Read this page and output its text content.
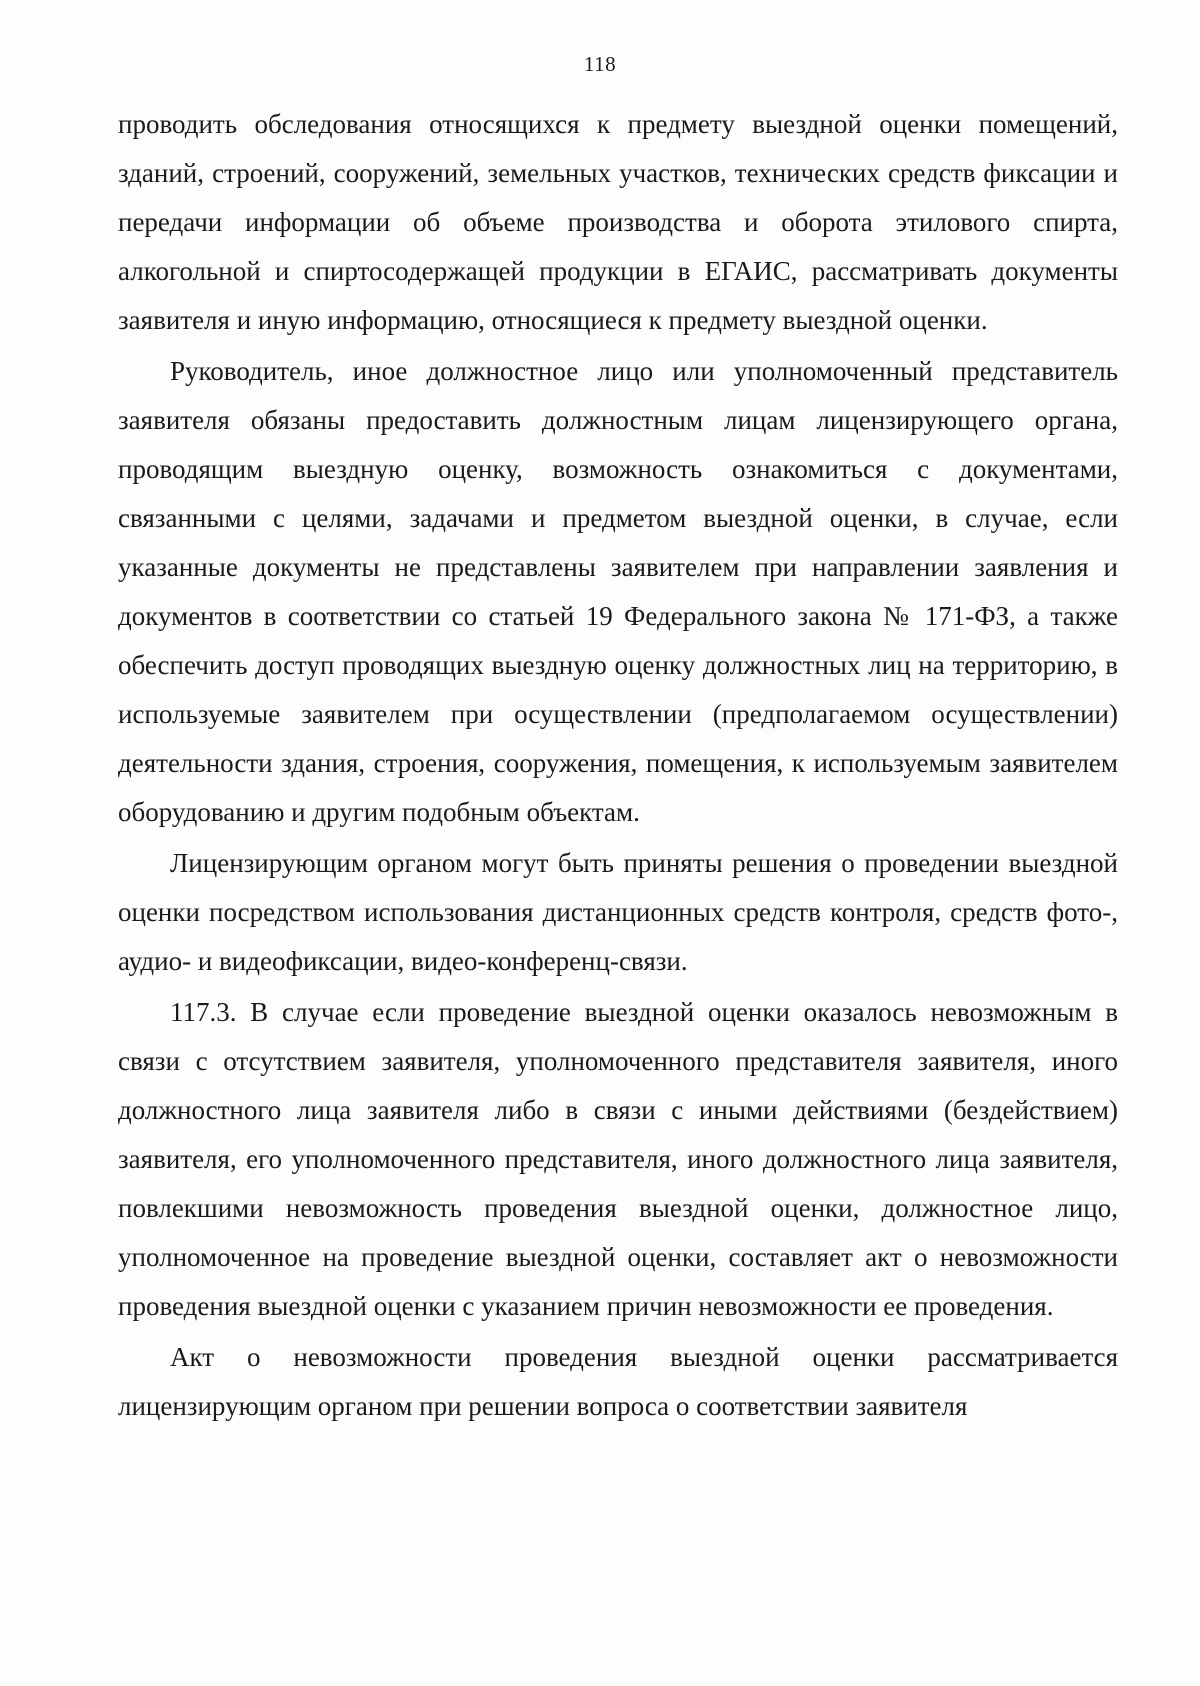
118

проводить обследования относящихся к предмету выездной оценки помещений, зданий, строений, сооружений, земельных участков, технических средств фиксации и передачи информации об объеме производства и оборота этилового спирта, алкогольной и спиртосодержащей продукции в ЕГАИС, рассматривать документы заявителя и иную информацию, относящиеся к предмету выездной оценки.

Руководитель, иное должностное лицо или уполномоченный представитель заявителя обязаны предоставить должностным лицам лицензирующего органа, проводящим выездную оценку, возможность ознакомиться с документами, связанными с целями, задачами и предметом выездной оценки, в случае, если указанные документы не представлены заявителем при направлении заявления и документов в соответствии со статьей 19 Федерального закона № 171-ФЗ, а также обеспечить доступ проводящих выездную оценку должностных лиц на территорию, в используемые заявителем при осуществлении (предполагаемом осуществлении) деятельности здания, строения, сооружения, помещения, к используемым заявителем оборудованию и другим подобным объектам.

Лицензирующим органом могут быть приняты решения о проведении выездной оценки посредством использования дистанционных средств контроля, средств фото-, аудио- и видеофиксации, видео-конференц-связи.

117.3. В случае если проведение выездной оценки оказалось невозможным в связи с отсутствием заявителя, уполномоченного представителя заявителя, иного должностного лица заявителя либо в связи с иными действиями (бездействием) заявителя, его уполномоченного представителя, иного должностного лица заявителя, повлекшими невозможность проведения выездной оценки, должностное лицо, уполномоченное на проведение выездной оценки, составляет акт о невозможности проведения выездной оценки с указанием причин невозможности ее проведения.

Акт о невозможности проведения выездной оценки рассматривается лицензирующим органом при решении вопроса о соответствии заявителя
